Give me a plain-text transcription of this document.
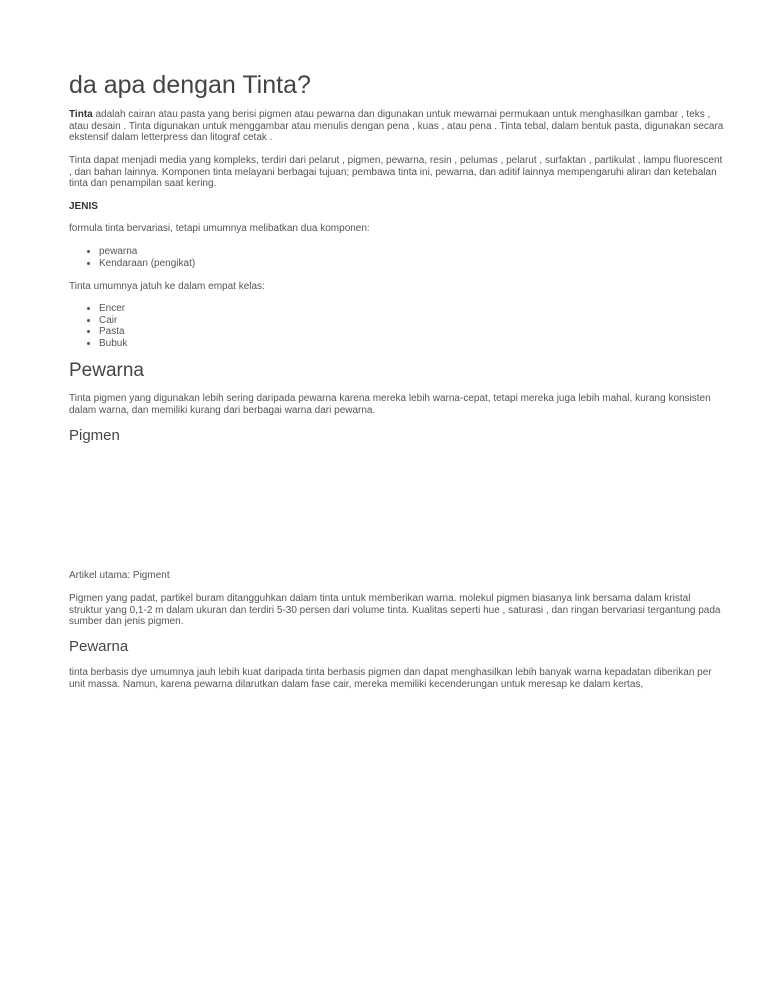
da apa dengan Tinta?

Tinta adalah cairan atau pasta yang berisi pigmen atau pewarna dan digunakan untuk mewarnai permukaan untuk menghasilkan gambar , teks , atau desain . Tinta digunakan untuk menggambar atau menulis dengan pena , kuas , atau pena . Tinta tebal, dalam bentuk pasta, digunakan secara ekstensif dalam letterpress dan litograf cetak .

Tinta dapat menjadi media yang kompleks, terdiri dari pelarut , pigmen, pewarna, resin , pelumas , pelarut , surfaktan , partikulat , lampu fluorescent , dan bahan lainnya. Komponen tinta melayani berbagai tujuan; pembawa tinta ini, pewarna, dan aditif lainnya mempengaruhi aliran dan ketebalan tinta dan penampilan saat kering.

JENIS

formula tinta bervariasi, tetapi umumnya melibatkan dua komponen:

• pewarna
• Kendaraan (pengikat)

Tinta umumnya jatuh ke dalam empat kelas:

• Encer
• Cair
• Pasta
• Bubuk
Pewarna

Tinta pigmen yang digunakan lebih sering daripada pewarna karena mereka lebih warna-cepat, tetapi mereka juga lebih mahal, kurang konsisten dalam warna, dan memiliki kurang dari berbagai warna dari pewarna.

Pigmen

Artikel utama: Pigment

Pigmen yang padat, partikel buram ditangguhkan dalam tinta untuk memberikan warna. molekul pigmen biasanya link bersama dalam kristal struktur yang 0,1-2 m dalam ukuran dan terdiri 5-30 persen dari volume tinta. Kualitas seperti hue , saturasi , dan ringan bervariasi tergantung pada sumber dan jenis pigmen.

Pewarna

tinta berbasis dye umumnya jauh lebih kuat daripada tinta berbasis pigmen dan dapat menghasilkan lebih banyak warna kepadatan diberikan per unit massa. Namun, karena pewarna dilarutkan dalam fase cair, mereka memiliki kecenderungan untuk meresap ke dalam kertas,
